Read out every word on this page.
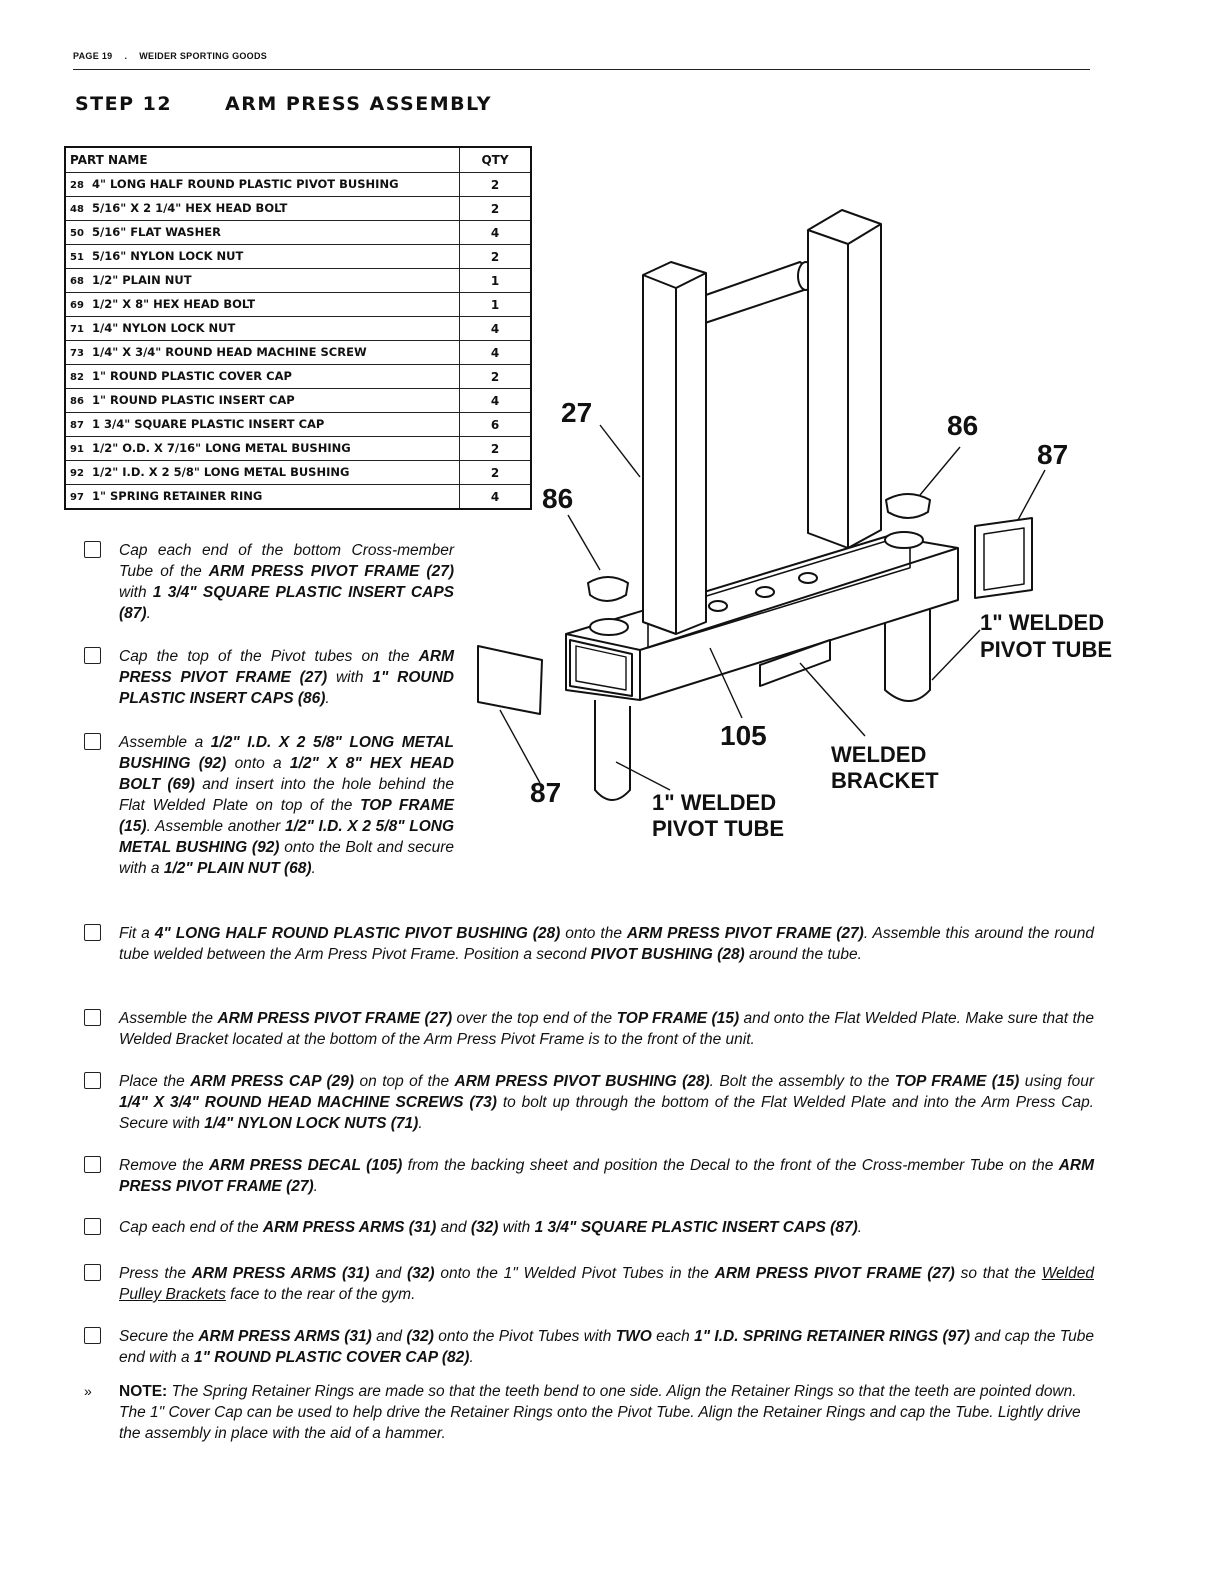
PAGE 19 . WEIDER SPORTING GOODS
STEP 12	ARM PRESS ASSEMBLY
PART NAME	QTY
28 4" LONG HALF ROUND PLASTIC PIVOT BUSHING	2
48 5/16" X 2 1/4" HEX HEAD BOLT	2
50 5/16" FLAT WASHER	4
51 5/16" NYLON LOCK NUT	2
68 1/2" PLAIN NUT	1
69 1/2" X 8" HEX HEAD BOLT	1
71 1/4" NYLON LOCK NUT	4
73 1/4" X 3/4" ROUND HEAD MACHINE SCREW	4
82 1" ROUND PLASTIC COVER CAP	2
86 1" ROUND PLASTIC INSERT CAP	4
87 1 3/4" SQUARE PLASTIC INSERT CAP	6
91 1/2" O.D. X 7/16" LONG METAL BUSHING	2
92 1/2" I.D. X 2 5/8" LONG METAL BUSHING	2
97 1" SPRING RETAINER RING	4
27	86
87
86
1" WELDED
PIVOT TUBE
105
WELDED
BRACKET
87	1" WELDED
PIVOT TUBE
Cap each end of the bottom Cross-member Tube of the ARM PRESS PIVOT FRAME (27) with 1 3/4" SQUARE PLASTIC INSERT CAPS (87).
Cap the top of the Pivot tubes on the ARM PRESS PIVOT FRAME (27) with 1" ROUND PLASTIC INSERT CAPS (86).
Assemble a 1/2" I.D. X 2 5/8" LONG METAL BUSHING (92) onto a 1/2" X 8" HEX HEAD BOLT (69) and insert into the hole behind the Flat Welded Plate on top of the TOP FRAME (15). Assemble another 1/2" I.D. X 2 5/8" LONG METAL BUSHING (92) onto the Bolt and secure with a 1/2" PLAIN NUT (68).
Fit a 4" LONG HALF ROUND PLASTIC PIVOT BUSHING (28) onto the ARM PRESS PIVOT FRAME (27). Assemble this around the round tube welded between the Arm Press Pivot Frame. Position a second PIVOT BUSHING (28) around the tube.
Assemble the ARM PRESS PIVOT FRAME (27) over the top end of the TOP FRAME (15) and onto the Flat Welded Plate. Make sure that the Welded Bracket located at the bottom of the Arm Press Pivot Frame is to the front of the unit.
Place the ARM PRESS CAP (29) on top of the ARM PRESS PIVOT BUSHING (28). Bolt the assembly to the TOP FRAME (15) using four 1/4" X 3/4" ROUND HEAD MACHINE SCREWS (73) to bolt up through the bottom of the Flat Welded Plate and into the Arm Press Cap. Secure with 1/4" NYLON LOCK NUTS (71).
Remove the ARM PRESS DECAL (105) from the backing sheet and position the Decal to the front of the Cross-member Tube on the ARM PRESS PIVOT FRAME (27).
Cap each end of the ARM PRESS ARMS (31) and (32) with 1 3/4" SQUARE PLASTIC INSERT CAPS (87).
Press the ARM PRESS ARMS (31) and (32) onto the 1" Welded Pivot Tubes in the ARM PRESS PIVOT FRAME (27) so that the Welded Pulley Brackets face to the rear of the gym.
Secure the ARM PRESS ARMS (31) and (32) onto the Pivot Tubes with TWO each 1" I.D. SPRING RETAINER RINGS (97) and cap the Tube end with a 1" ROUND PLASTIC COVER CAP (82).
» NOTE: The Spring Retainer Rings are made so that the teeth bend to one side. Align the Retainer Rings so that the teeth are pointed down. The 1" Cover Cap can be used to help drive the Retainer Rings onto the Pivot Tube. Align the Retainer Rings and cap the Tube. Lightly drive the assembly in place with the aid of a hammer.
